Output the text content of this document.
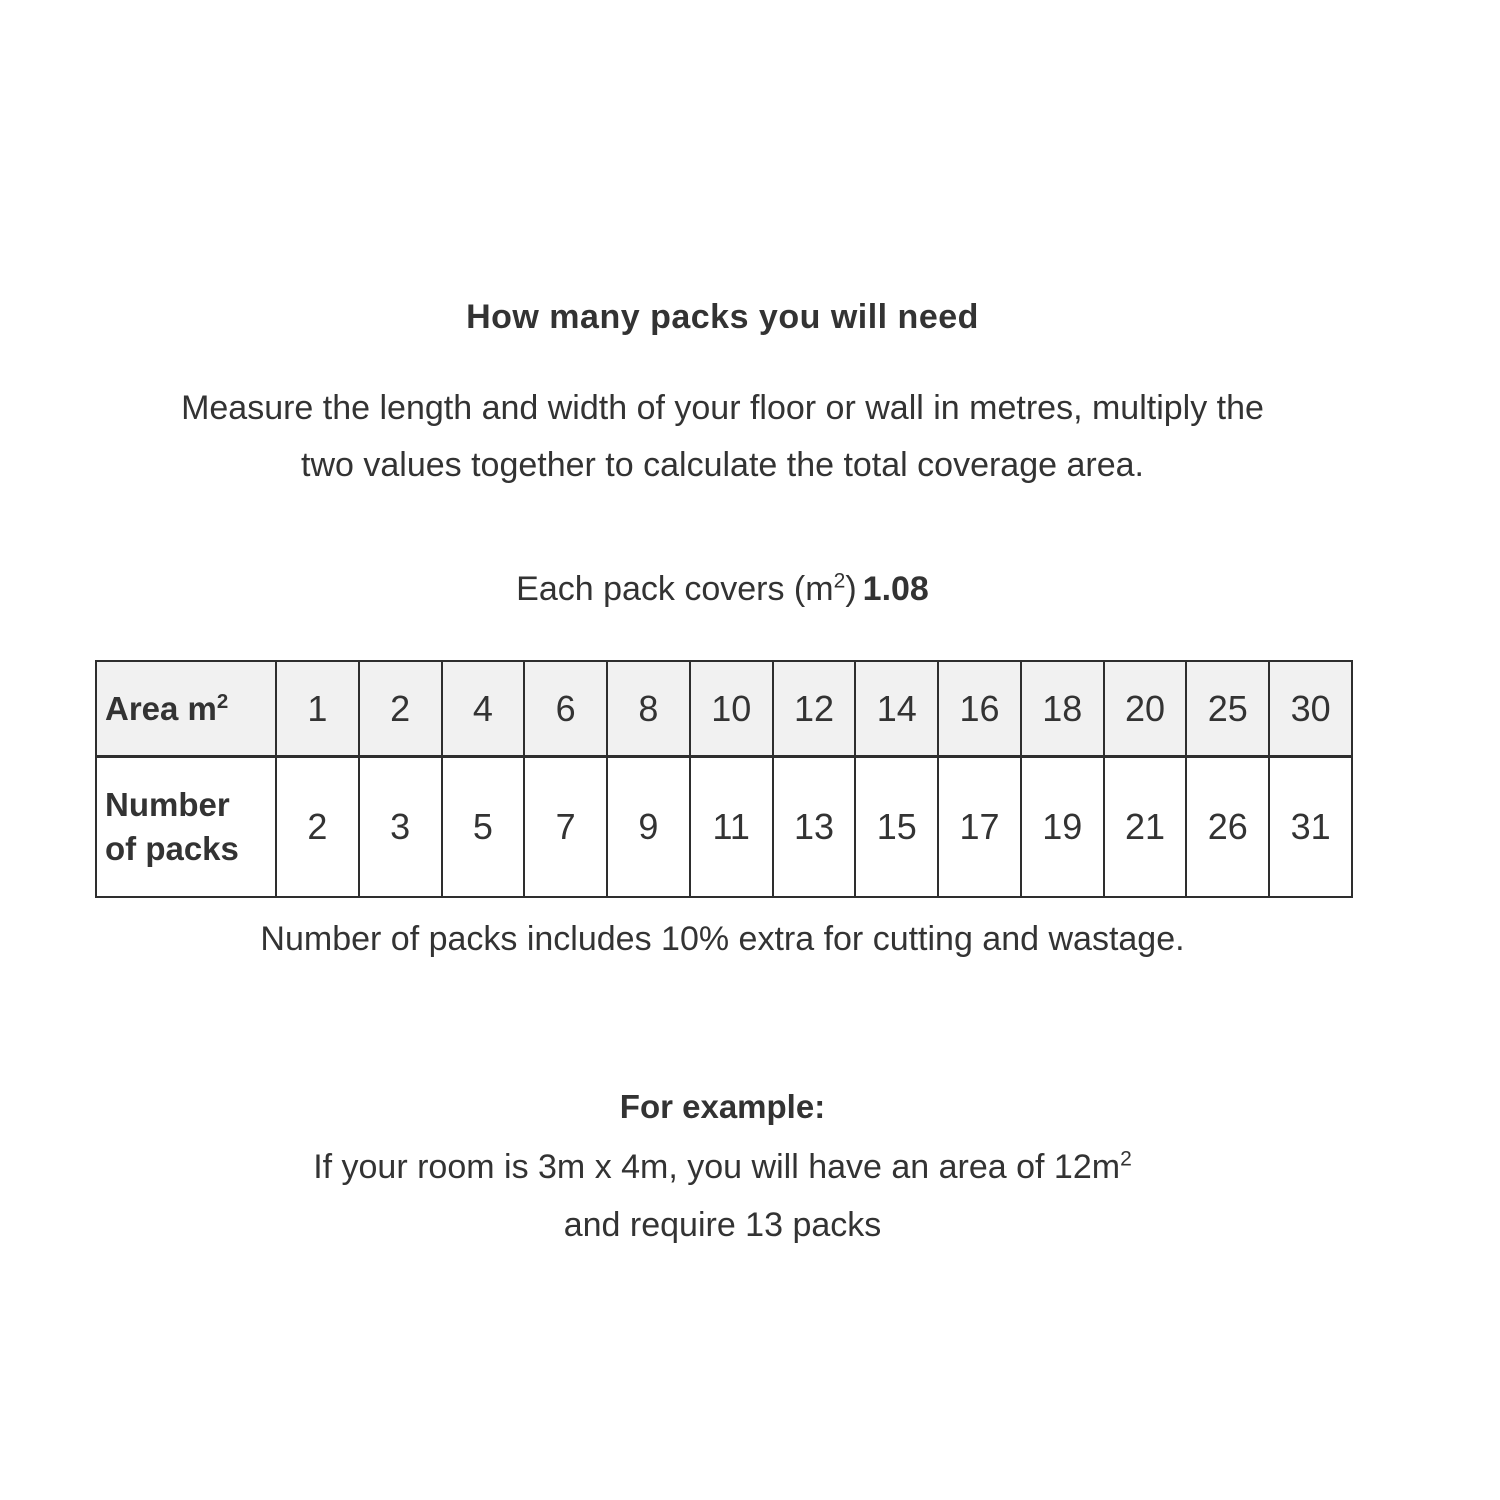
How many packs you will need
Measure the length and width of your floor or wall in metres, multiply the
two values together to calculate the total coverage area.
Each pack covers $(m^2)$ 1.08
Area $m^2$	1	2	4	6	8	10	12	14	16	18	20	25	30
Number
of packs	2	3	5	7	9	11	13	15	17	19	21	26	31
Number of packs includes 10% extra for cutting and wastage.
For example:
If your room is 3m x 4m, you will have an area of $12m^2$
and require 13 packs
